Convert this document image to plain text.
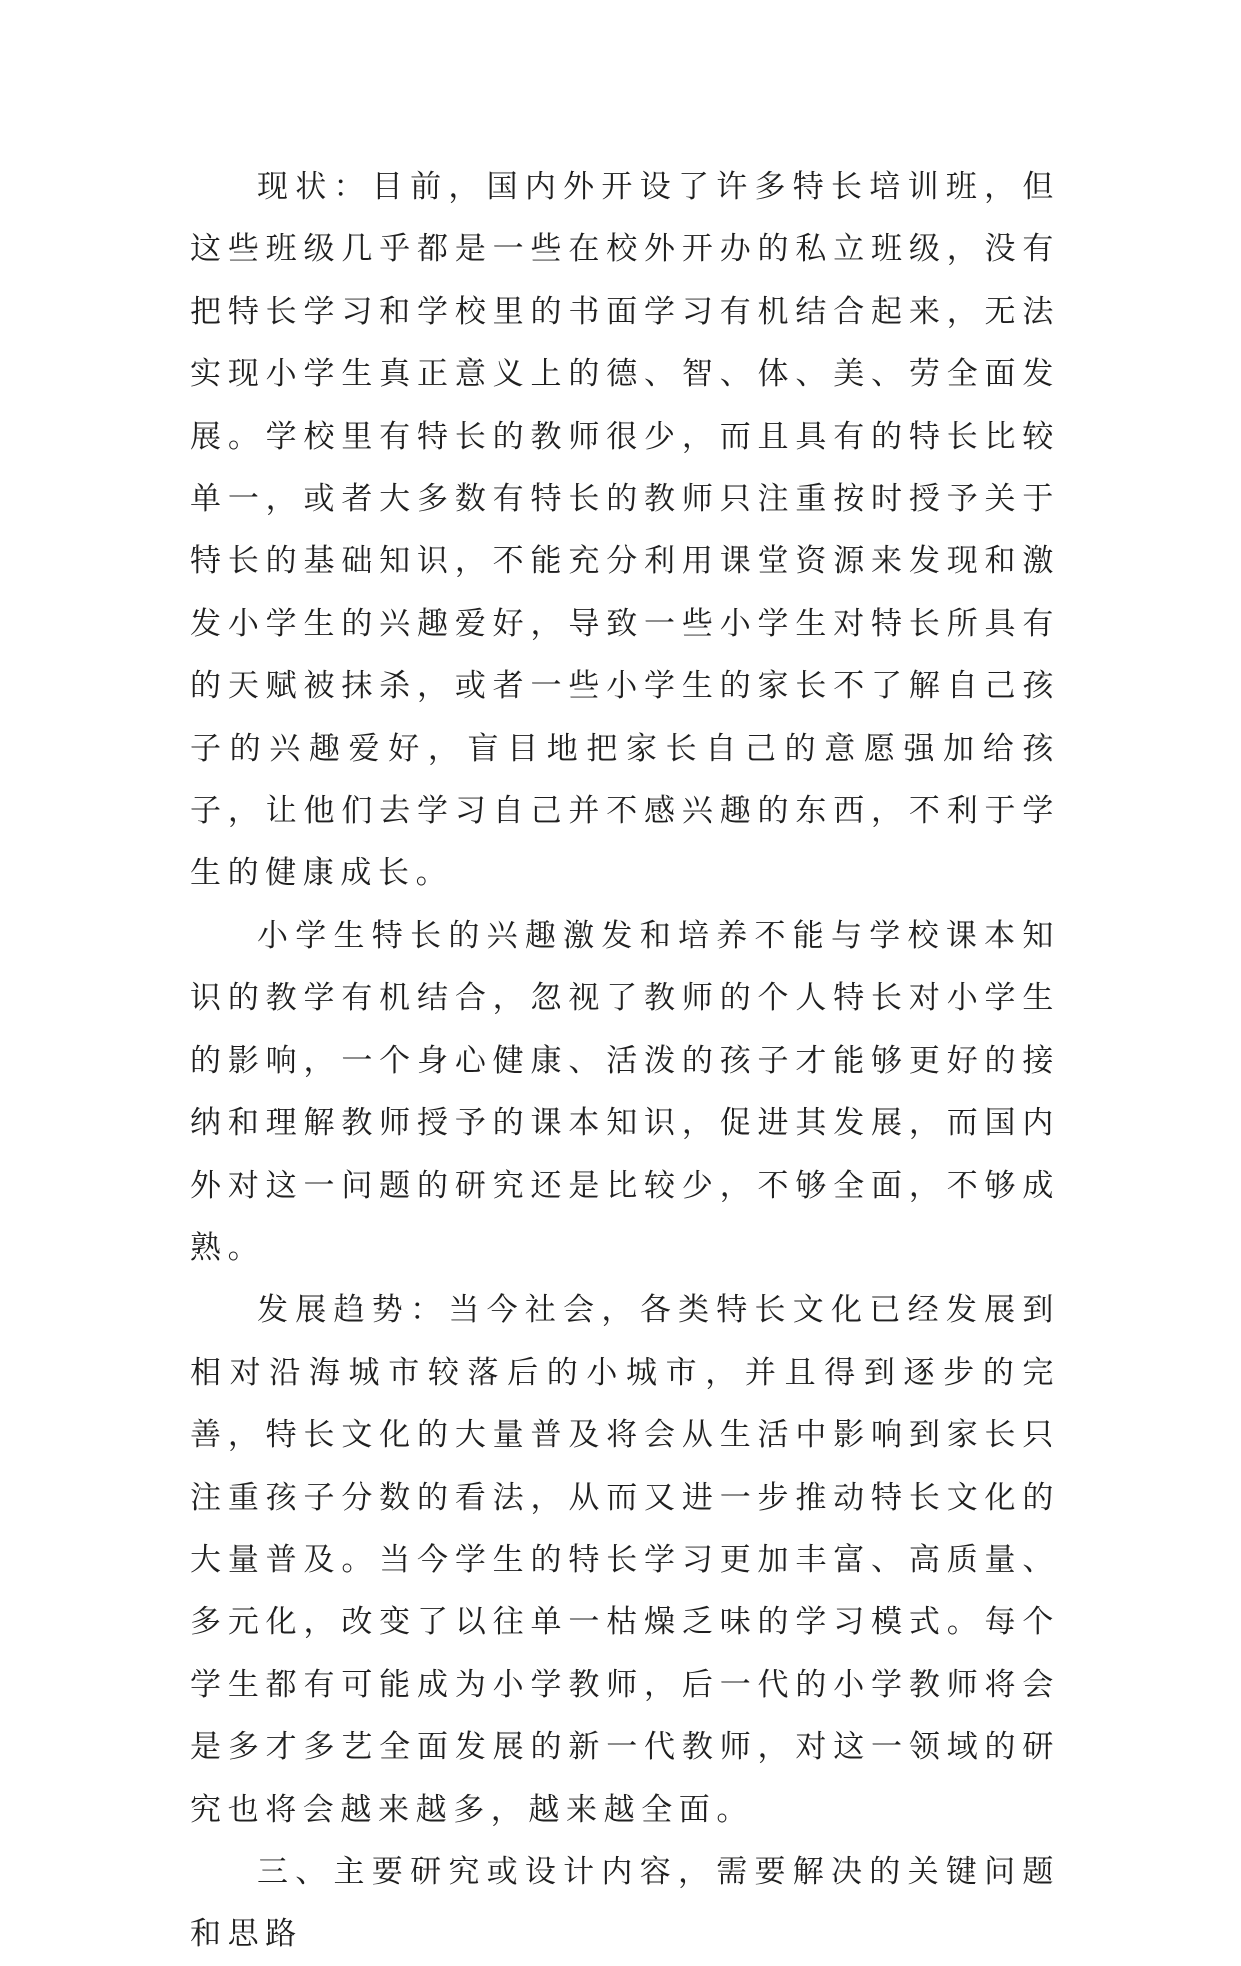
现状：目前，国内外开设了许多特长培训班，但这些班级几乎都是一些在校外开办的私立班级，没有把特长学习和学校里的书面学习有机结合起来，无法实现小学生真正意义上的德、智、体、美、劳全面发展。学校里有特长的教师很少，而且具有的特长比较单一，或者大多数有特长的教师只注重按时授予关于特长的基础知识，不能充分利用课堂资源来发现和激发小学生的兴趣爱好，导致一些小学生对特长所具有的天赋被抹杀，或者一些小学生的家长不了解自己孩子的兴趣爱好，盲目地把家长自己的意愿强加给孩子，让他们去学习自己并不感兴趣的东西，不利于学生的健康成长。

小学生特长的兴趣激发和培养不能与学校课本知识的教学有机结合，忽视了教师的个人特长对小学生的影响，一个身心健康、活泼的孩子才能够更好的接纳和理解教师授予的课本知识，促进其发展，而国内外对这一问题的研究还是比较少，不够全面，不够成熟。

发展趋势：当今社会，各类特长文化已经发展到相对沿海城市较落后的小城市，并且得到逐步的完善，特长文化的大量普及将会从生活中影响到家长只注重孩子分数的看法，从而又进一步推动特长文化的大量普及。当今学生的特长学习更加丰富、高质量、多元化，改变了以往单一枯燥乏味的学习模式。每个学生都有可能成为小学教师，后一代的小学教师将会是多才多艺全面发展的新一代教师，对这一领域的研究也将会越来越多，越来越全面。

三、主要研究或设计内容，需要解决的关键问题和思路
